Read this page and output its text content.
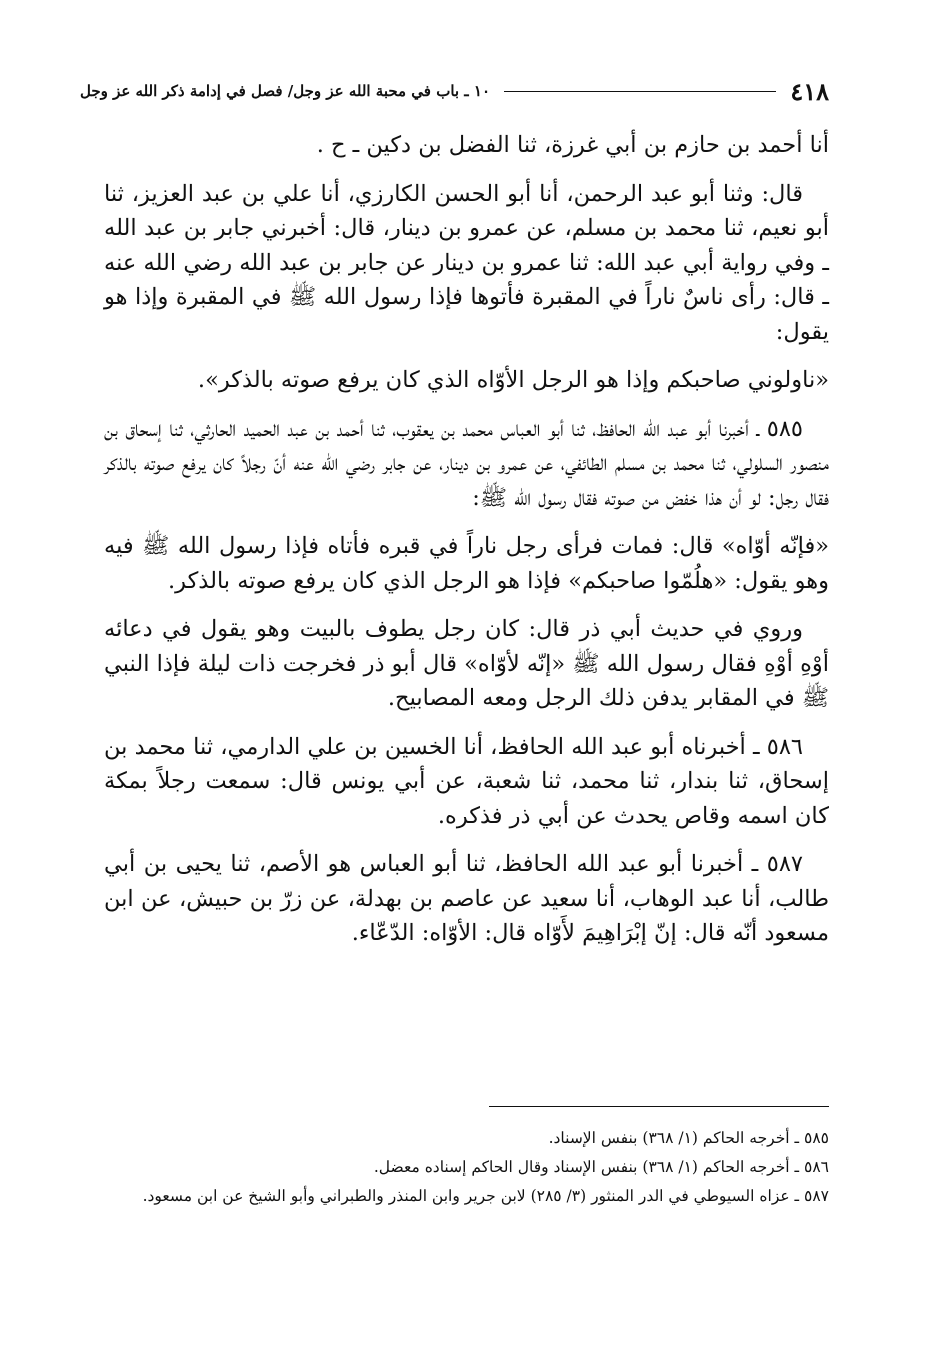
٤١٨
١٠ ـ باب في محبة الله عز وجل/ فصل في إدامة ذكر الله عز وجل

أنا أحمد بن حازم بن أبي غرزة، ثنا الفضل بن دكين ـ ح .

قال: وثنا أبو عبد الرحمن، أنا أبو الحسن الكارزي، أنا علي بن عبد العزيز، ثنا أبو نعيم، ثنا محمد بن مسلم، عن عمرو بن دينار، قال: أخبرني جابر بن عبد الله ـ وفي رواية أبي عبد الله: ثنا عمرو بن دينار عن جابر بن عبد الله رضي الله عنه ـ قال: رأى ناسٌ ناراً في المقبرة فأتوها فإذا رسول الله ﷺ في المقبرة وإذا هو يقول:

«ناولوني صاحبكم وإذا هو الرجل الأوّاه الذي كان يرفع صوته بالذكر».

٥٨٥ ـ أخبرنا أبو عبد الله الحافظ، ثنا أبو العباس محمد بن يعقوب، ثنا أحمد بن عبد الحميد الحارثي، ثنا إسحاق بن منصور السلولي، ثنا محمد بن مسلم الطائفي، عن عمرو بن دينار، عن جابر رضي الله عنه أنّ رجلاً كان يرفع صوته بالذكر فقال رجل: لو أن هذا خفض من صوته فقال رسول الله ﷺ:

«فإنّه أوّاه» قال: فمات فرأى رجل ناراً في قبره فأتاه فإذا رسول الله ﷺ فيه وهو يقول: «هلُمّوا صاحبكم» فإذا هو الرجل الذي كان يرفع صوته بالذكر.

وروي في حديث أبي ذر قال: كان رجل يطوف بالبيت وهو يقول في دعائه أوْهِ أوْهِ فقال رسول الله ﷺ «إنّه لأوّاه» قال أبو ذر فخرجت ذات ليلة فإذا النبي ﷺ في المقابر يدفن ذلك الرجل ومعه المصابيح.

٥٨٦ ـ أخبرناه أبو عبد الله الحافظ، أنا الخسين بن علي الدارمي، ثنا محمد بن إسحاق، ثنا بندار، ثنا محمد، ثنا شعبة، عن أبي يونس قال: سمعت رجلاً بمكة كان اسمه وقاص يحدث عن أبي ذر فذكره.

٥٨٧ ـ أخبرنا أبو عبد الله الحافظ، ثنا أبو العباس هو الأصم، ثنا يحيى بن أبي طالب، أنا عبد الوهاب، أنا سعيد عن عاصم بن بهدلة، عن زرّ بن حبيش، عن ابن مسعود أنّه قال: إنّ إبْرَاهِيمَ لأَوّاه قال: الأوّاه: الدّعّاء.

٥٨٥ ـ أخرجه الحاكم (١/ ٣٦٨) بنفس الإسناد.

٥٨٦ ـ أخرجه الحاكم (١/ ٣٦٨) بنفس الإسناد وقال الحاكم إسناده معضل.

٥٨٧ ـ عزاه السيوطي في الدر المنثور (٣/ ٢٨٥) لابن جرير وابن المنذر والطبراني وأبو الشيخ عن ابن مسعود.
